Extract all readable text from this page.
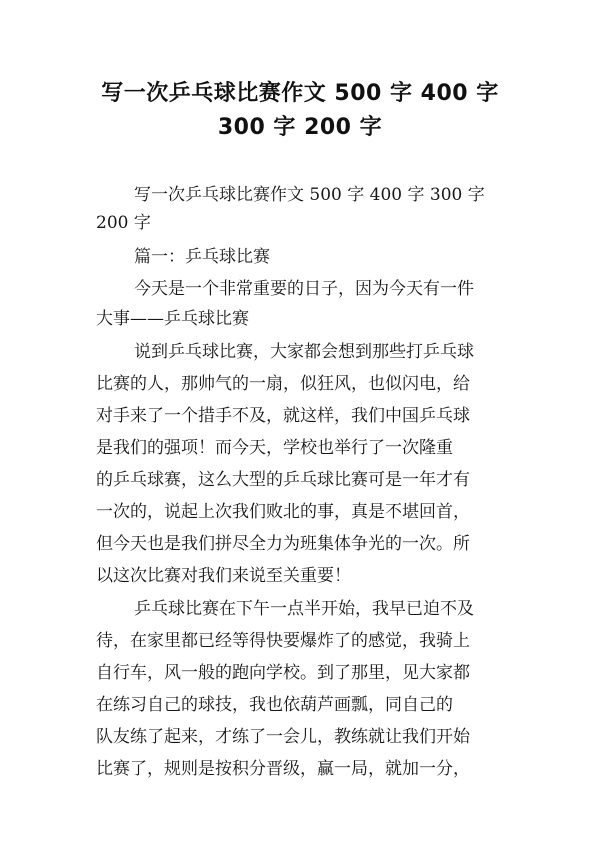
写一次乒乓球比赛作文 500 字 400 字
300 字 200 字

写一次乒乓球比赛作文 500 字 400 字 300 字

200 字

篇一：乒乓球比赛

今天是一个非常重要的日子，因为今天有一件

大事——乒乓球比赛

说到乒乓球比赛，大家都会想到那些打乒乓球

比赛的人，那帅气的一扇，似狂风，也似闪电，给

对手来了一个措手不及，就这样，我们中国乒乓球

是我们的强项！而今天，学校也举行了一次隆重

的乒乓球赛，这么大型的乒乓球比赛可是一年才有

一次的，说起上次我们败北的事，真是不堪回首，

但今天也是我们拼尽全力为班集体争光的一次。所

以这次比赛对我们来说至关重要！

乒乓球比赛在下午一点半开始，我早已迫不及

待，在家里都已经等得快要爆炸了的感觉，我骑上

自行车，风一般的跑向学校。到了那里，见大家都

在练习自己的球技，我也依葫芦画瓢，同自己的

队友练了起来，才练了一会儿，教练就让我们开始

比赛了，规则是按积分晋级，赢一局，就加一分，
